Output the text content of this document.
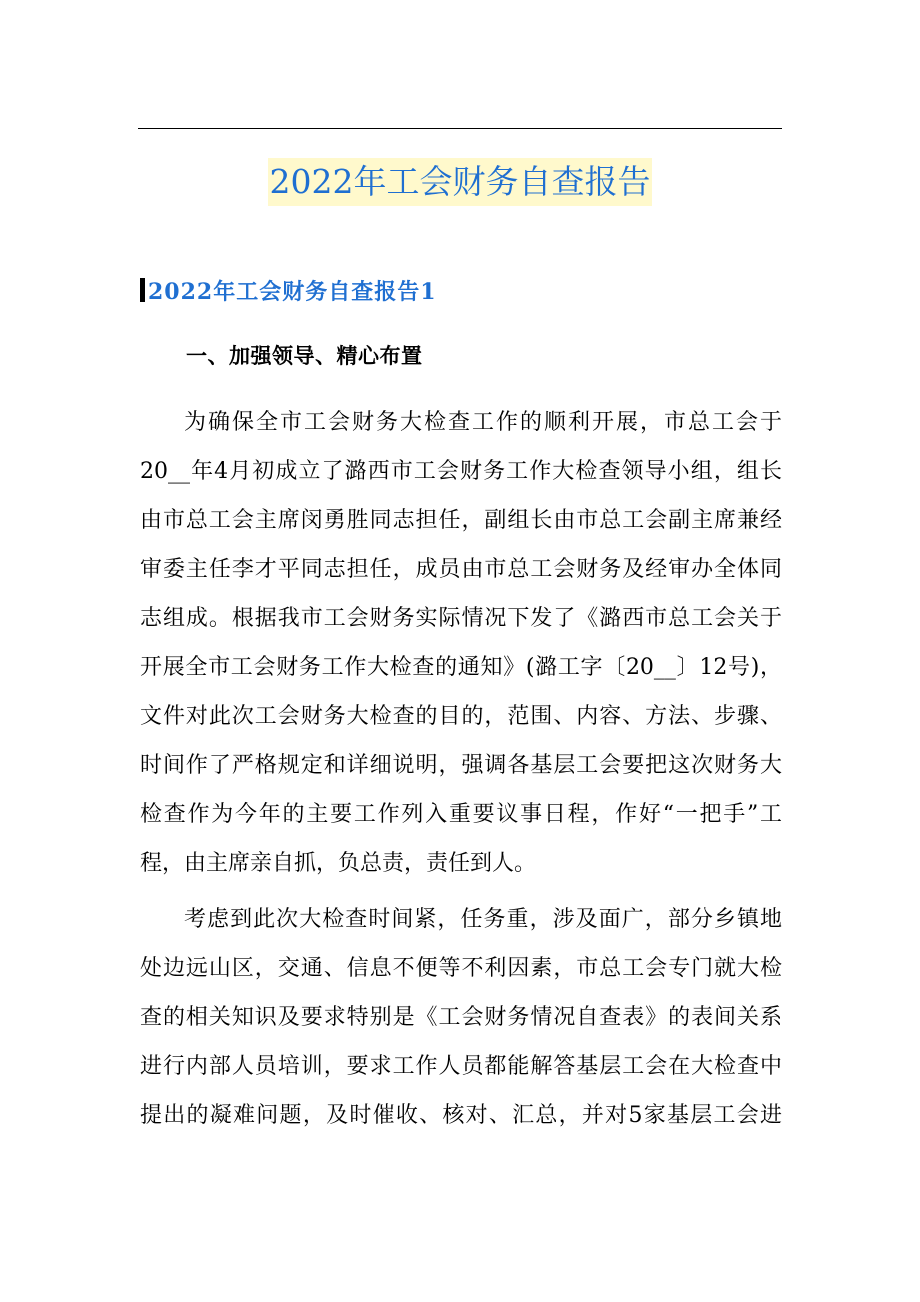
2022年工会财务自查报告
2022年工会财务自查报告1
一、加强领导、精心布置
为确保全市工会财务大检查工作的顺利开展，市总工会于
20__年4月初成立了潞西市工会财务工作大检查领导小组，组长
由市总工会主席闵勇胜同志担任，副组长由市总工会副主席兼经
审委主任李才平同志担任，成员由市总工会财务及经审办全体同
志组成。根据我市工会财务实际情况下发了《潞西市总工会关于
开展全市工会财务工作大检查的通知》(潞工字〔20__〕12号)，
文件对此次工会财务大检查的目的，范围、内容、方法、步骤、
时间作了严格规定和详细说明，强调各基层工会要把这次财务大
检查作为今年的主要工作列入重要议事日程，作好“一把手”工
程，由主席亲自抓，负总责，责任到人。
考虑到此次大检查时间紧，任务重，涉及面广，部分乡镇地
处边远山区，交通、信息不便等不利因素，市总工会专门就大检
查的相关知识及要求特别是《工会财务情况自查表》的表间关系
进行内部人员培训，要求工作人员都能解答基层工会在大检查中
提出的凝难问题，及时催收、核对、汇总，并对5家基层工会进
